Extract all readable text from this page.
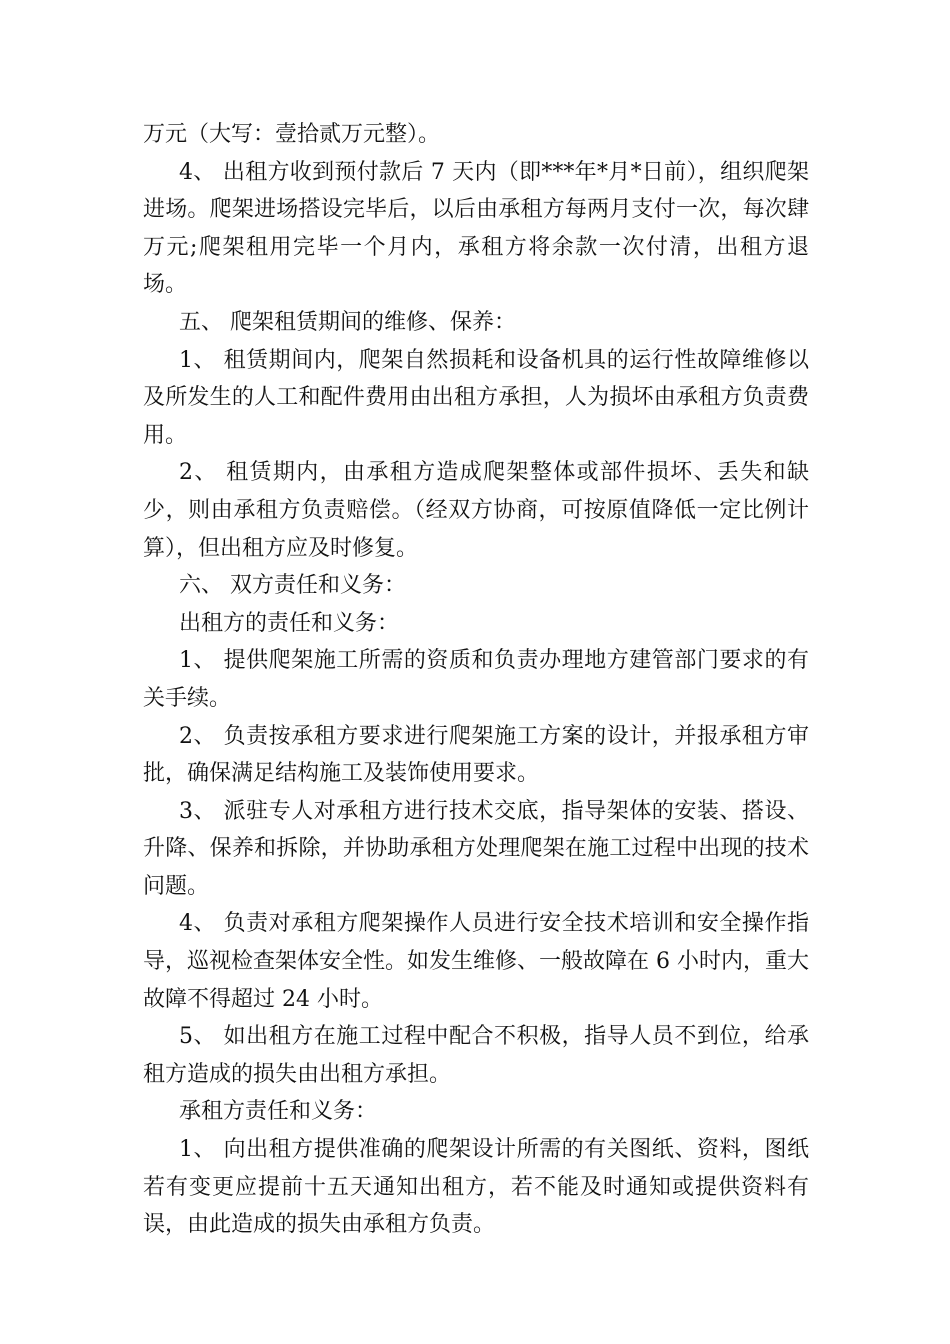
万元（大写：壹拾贰万元整）。

4、 出租方收到预付款后 7 天内（即***年*月*日前），组织爬架进场。爬架进场搭设完毕后，以后由承租方每两月支付一次，每次肆万元;爬架租用完毕一个月内，承租方将余款一次付清，出租方退场。

五、 爬架租赁期间的维修、保养：

1、 租赁期间内，爬架自然损耗和设备机具的运行性故障维修以及所发生的人工和配件费用由出租方承担，人为损坏由承租方负责费用。

2、 租赁期内，由承租方造成爬架整体或部件损坏、丢失和缺少，则由承租方负责赔偿。（经双方协商，可按原值降低一定比例计算），但出租方应及时修复。

六、 双方责任和义务：

出租方的责任和义务：

1、 提供爬架施工所需的资质和负责办理地方建管部门要求的有关手续。

2、 负责按承租方要求进行爬架施工方案的设计，并报承租方审批，确保满足结构施工及装饰使用要求。

3、 派驻专人对承租方进行技术交底，指导架体的安装、搭设、升降、保养和拆除，并协助承租方处理爬架在施工过程中出现的技术问题。

4、 负责对承租方爬架操作人员进行安全技术培训和安全操作指导，巡视检查架体安全性。如发生维修、一般故障在 6 小时内，重大故障不得超过 24 小时。

5、 如出租方在施工过程中配合不积极，指导人员不到位，给承租方造成的损失由出租方承担。

承租方责任和义务：

1、 向出租方提供准确的爬架设计所需的有关图纸、资料，图纸若有变更应提前十五天通知出租方，若不能及时通知或提供资料有误，由此造成的损失由承租方负责。
